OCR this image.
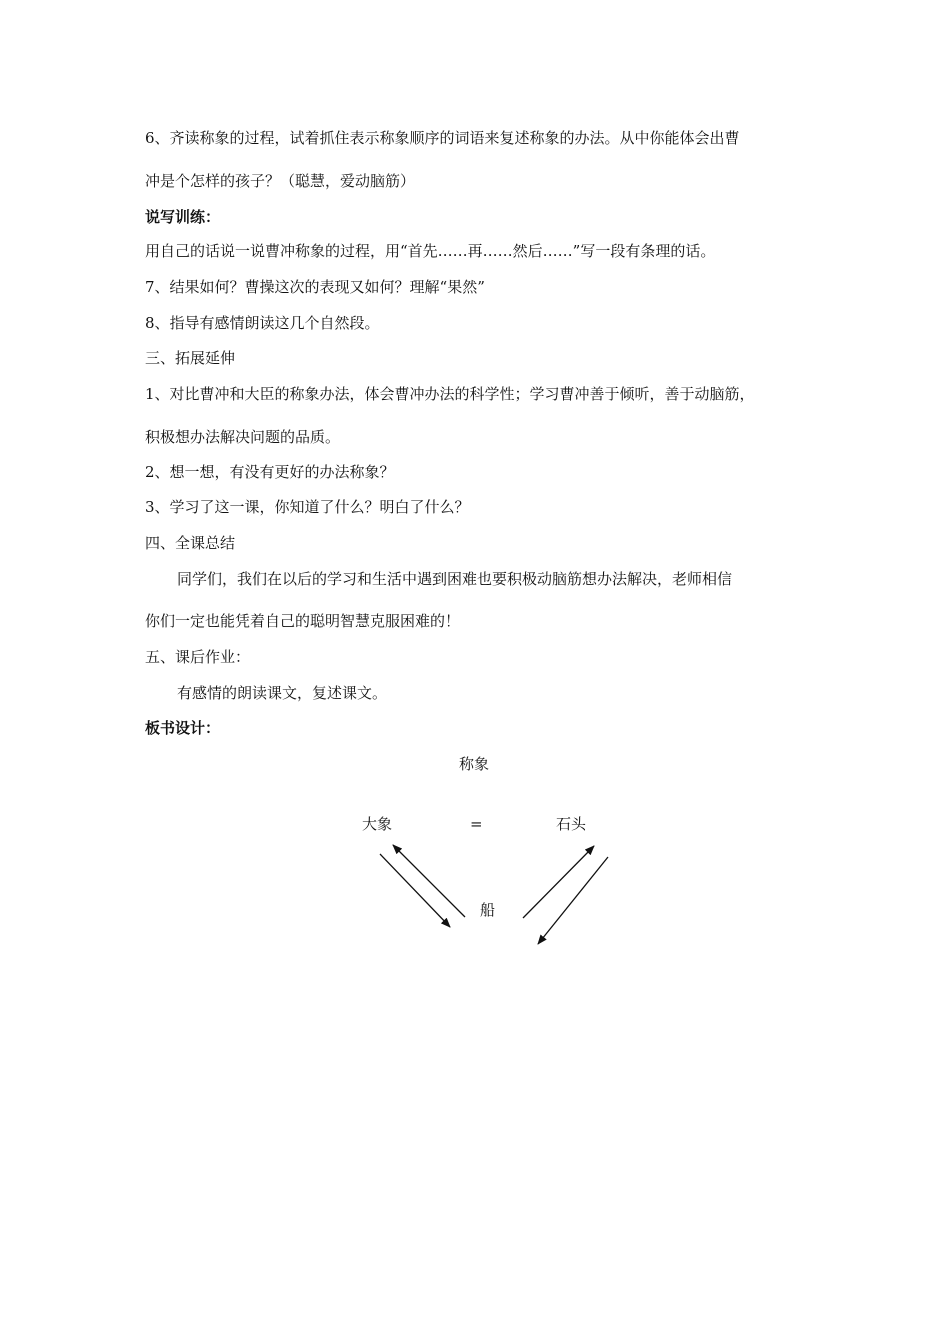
6、齐读称象的过程，试着抓住表示称象顺序的词语来复述称象的办法。从中你能体会出曹

冲是个怎样的孩子？（聪慧，爱动脑筋）

说写训练：

用自己的话说一说曹冲称象的过程，用“首先……再……然后……”写一段有条理的话。

7、结果如何？曹操这次的表现又如何？理解“果然”

8、指导有感情朗读这几个自然段。

三、拓展延伸

1、对比曹冲和大臣的称象办法，体会曹冲办法的科学性；学习曹冲善于倾听，善于动脑筋，

积极想办法解决问题的品质。

2、想一想，有没有更好的办法称象？

3、学习了这一课，你知道了什么？明白了什么？

四、全课总结

同学们，我们在以后的学习和生活中遇到困难也要积极动脑筋想办法解决，老师相信

你们一定也能凭着自己的聪明智慧克服困难的！

五、课后作业：

有感情的朗读课文，复述课文。

板书设计：

称象
大象	=	石头
船
